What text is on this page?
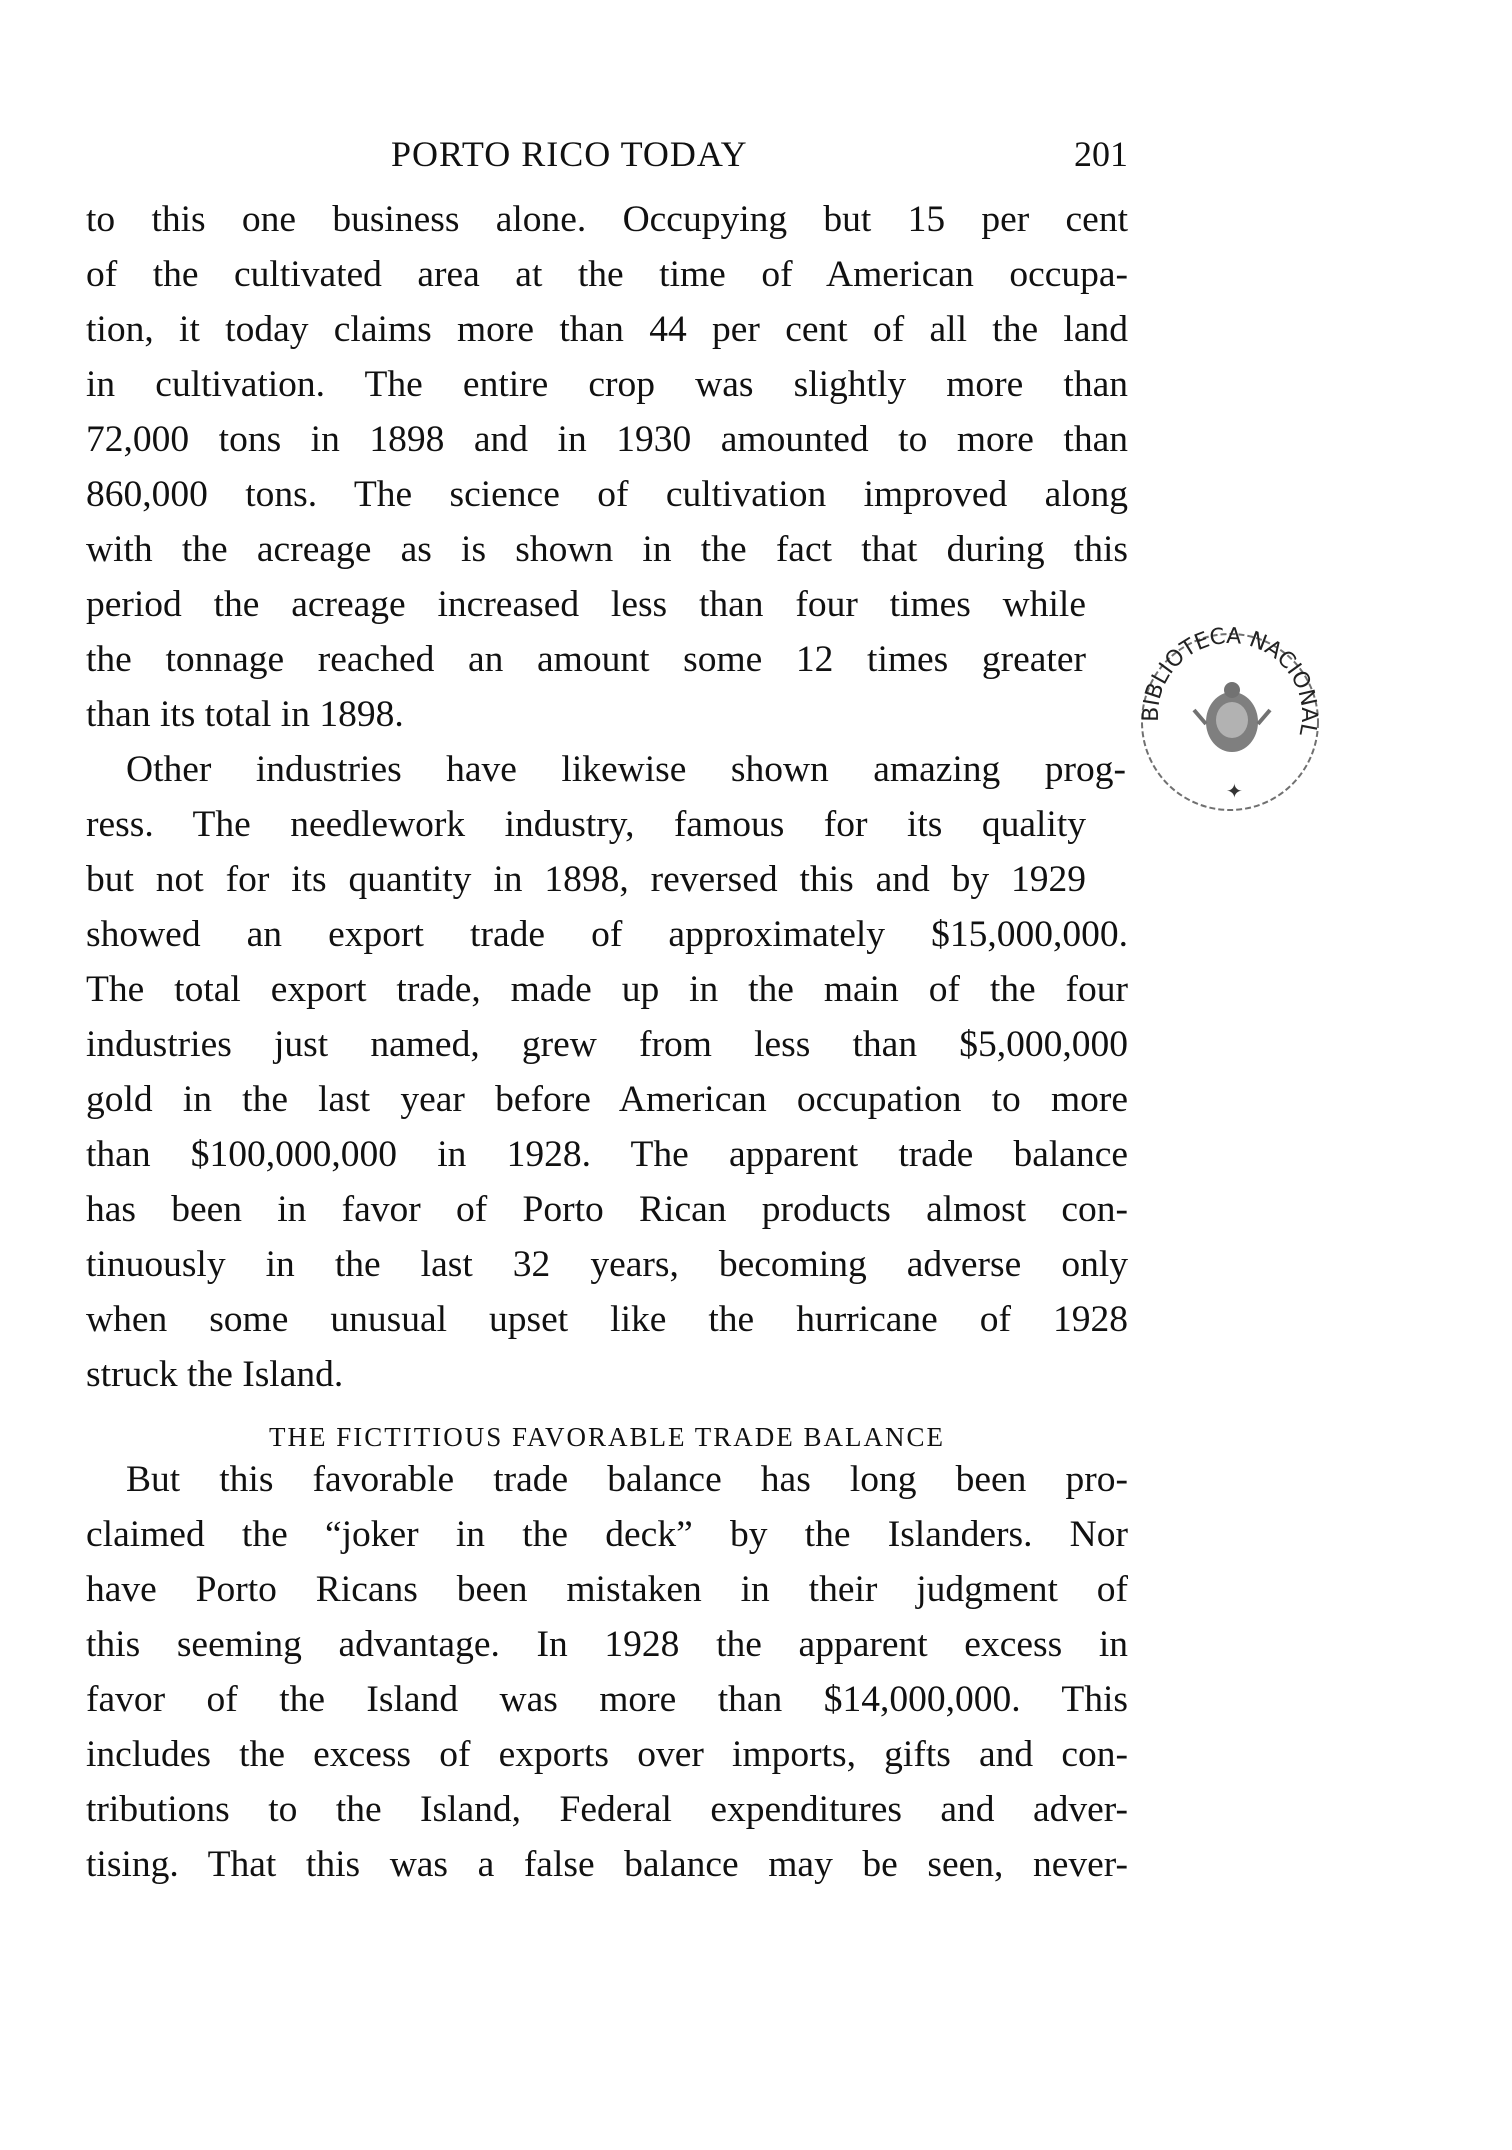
PORTO RICO TODAY	201
to this one business alone. Occupying but 15 per cent
of the cultivated area at the time of American occupa-
tion, it today claims more than 44 per cent of all the land
in cultivation. The entire crop was slightly more than
72,000 tons in 1898 and in 1930 amounted to more than
860,000 tons. The science of cultivation improved along
with the acreage as is shown in the fact that during this
period the acreage increased less than four times while
the tonnage reached an amount some 12 times greater
than its total in 1898.
Other industries have likewise shown amazing prog-
ress. The needlework industry, famous for its quality
but not for its quantity in 1898, reversed this and by 1929
showed an export trade of approximately $15,000,000.
The total export trade, made up in the main of the four
industries just named, grew from less than $5,000,000
gold in the last year before American occupation to more
than $100,000,000 in 1928. The apparent trade balance
has been in favor of Porto Rican products almost con-
tinuously in the last 32 years, becoming adverse only
when some unusual upset like the hurricane of 1928
struck the Island.
THE FICTITIOUS FAVORABLE TRADE BALANCE
But this favorable trade balance has long been pro-
claimed the “joker in the deck” by the Islanders. Nor
have Porto Ricans been mistaken in their judgment of
this seeming advantage. In 1928 the apparent excess in
favor of the Island was more than $14,000,000. This
includes the excess of exports over imports, gifts and con-
tributions to the Island, Federal expenditures and adver-
tising. That this was a false balance may be seen, never-
BIBLIOTECA NACIONAL
✦
